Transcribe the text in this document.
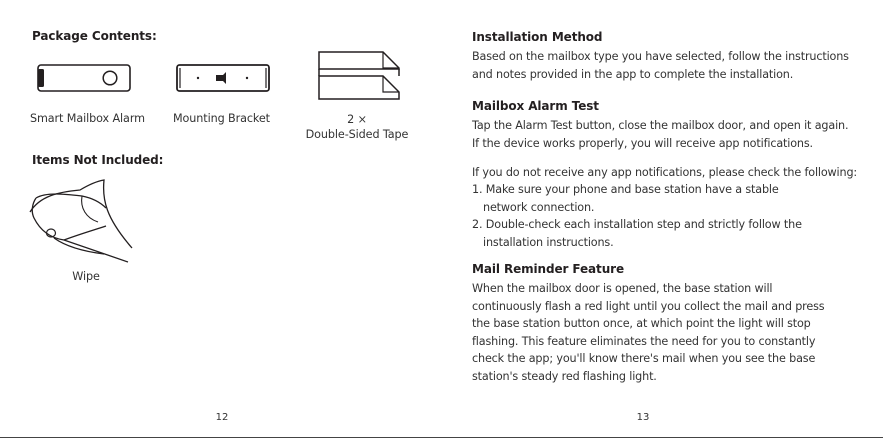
Package Contents:
Smart Mailbox Alarm	Mounting Bracket	2 ×
Double-Sided Tape
Items Not Included:
Wipe
12
Installation Method

Based on the mailbox type you have selected, follow the instructions and notes provided in the app to complete the installation.

Mailbox Alarm Test

Tap the Alarm Test button, close the mailbox door, and open it again. If the device works properly, you will receive app notifications.

If you do not receive any app notifications, please check the following:

1. Make sure your phone and base station have a stable network connection.
2. Double-check each installation step and strictly follow the installation instructions.
Mail Reminder Feature

When the mailbox door is opened, the base station will continuously flash a red light until you collect the mail and press the base station button once, at which point the light will stop flashing. This feature eliminates the need for you to constantly check the app; you'll know there's mail when you see the base station's steady red flashing light.

13
